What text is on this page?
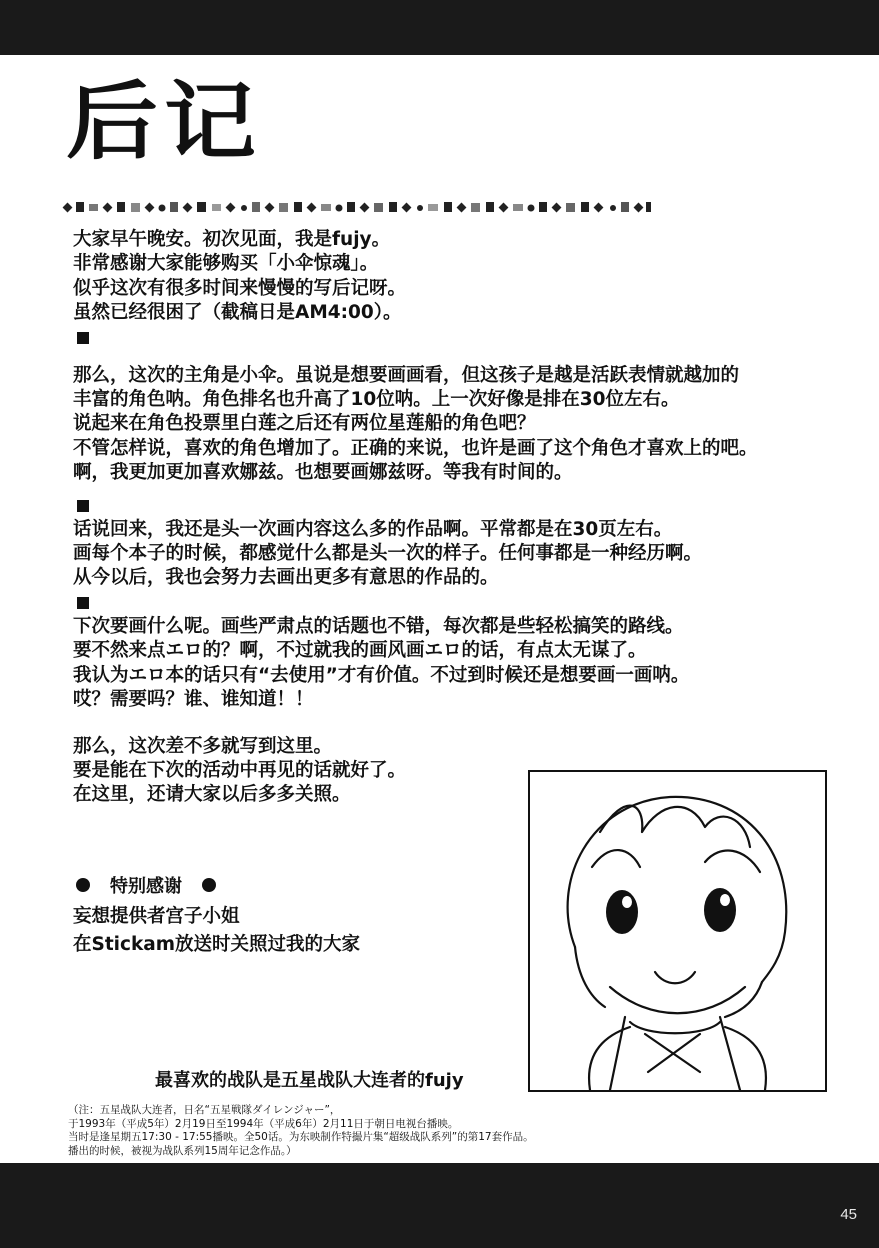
后记

大家早午晚安。初次见面，我是fujy。

非常感谢大家能够购买「小伞惊魂」。

似乎这次有很多时间来慢慢的写后记呀。

虽然已经很困了（截稿日是AM4:00）。

那么，这次的主角是小伞。虽说是想要画画看，但这孩子是越是活跃表情就越加的

丰富的角色呐。角色排名也升高了10位呐。上一次好像是排在30位左右。

说起来在角色投票里白莲之后还有两位星莲船的角色吧？

不管怎样说，喜欢的角色增加了。正确的来说，也许是画了这个角色才喜欢上的吧。

啊，我更加更加喜欢娜兹。也想要画娜兹呀。等我有时间的。

话说回来，我还是头一次画内容这么多的作品啊。平常都是在30页左右。

画每个本子的时候，都感觉什么都是头一次的样子。任何事都是一种经历啊。

从今以后，我也会努力去画出更多有意思的作品的。

下次要画什么呢。画些严肃点的话题也不错，每次都是些轻松搞笑的路线。

要不然来点エロ的？啊，不过就我的画风画エロ的话，有点太无谋了。

我认为エロ本的话只有“去使用”才有价值。不过到时候还是想要画一画呐。

哎？需要吗？谁、谁知道！！

那么，这次差不多就写到这里。

要是能在下次的活动中再见的话就好了。

在这里，还请大家以后多多关照。

特别感谢

妄想提供者宫子小姐

在Stickam放送时关照过我的大家

最喜欢的战队是五星战队大连者的fujy

（注：五星战队大连者，日名“五星戦隊ダイレンジャー”，

于1993年（平成5年）2月19日至1994年（平成6年）2月11日于朝日电视台播映。

当时是逢星期五17:30 - 17:55播映。全50话。为东映制作特撮片集“超级战队系列”的第17套作品。

播出的时候，被视为战队系列15周年记念作品。）

45
